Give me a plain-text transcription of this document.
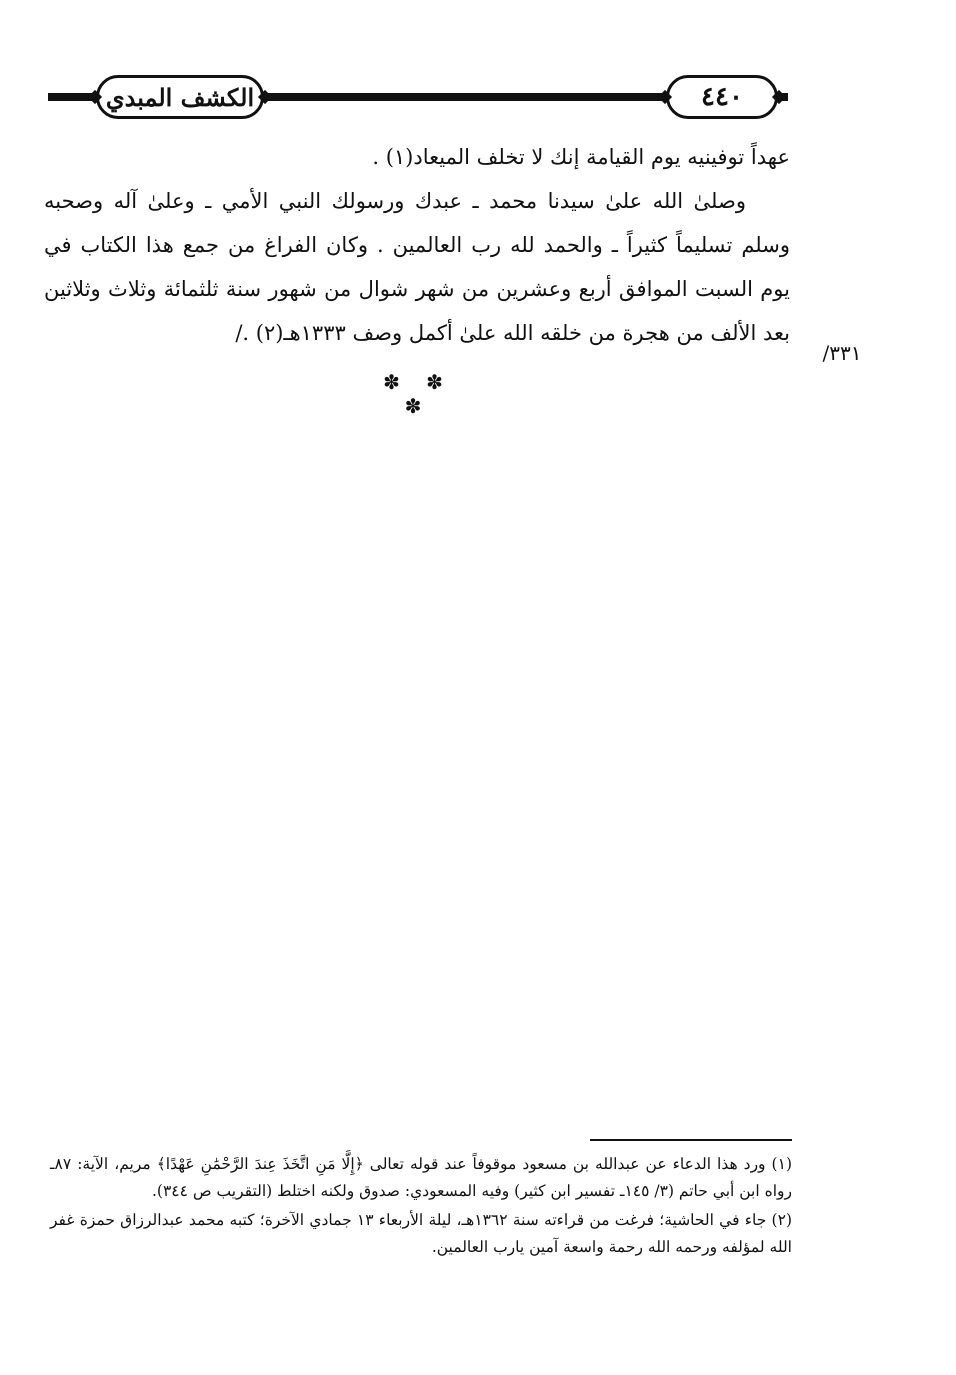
٤٤٠
الكشف المبدي

عهداً توفينيه يوم القيامة إنك لا تخلف الميعاد(١) .

وصلىٰ الله علىٰ سيدنا محمد ـ عبدك ورسولك النبي الأمي ـ وعلىٰ آله وصحبه وسلم تسليماً كثيراً ـ والحمد لله رب العالمين . وكان الفراغ من جمع هذا الكتاب في يوم السبت الموافق أربع وعشرين من شهر شوال من شهور سنة ثلثمائة وثلاث وثلاثين بعد الألف من هجرة من خلقه الله علىٰ أكمل وصف ١٣٣٣هـ(٢) ./

٣٣١/
✽ ✽ ✽

(١) ورد هذا الدعاء عن عبدالله بن مسعود موقوفاً عند قوله تعالى ﴿إِلَّا مَنِ اتَّخَذَ عِندَ الرَّحْمَٰنِ عَهْدًا﴾ مريم، الآية: ٨٧ـ رواه ابن أبي حاتم (٣/ ١٤٥ـ تفسير ابن كثير) وفيه المسعودي: صدوق ولكنه اختلط (التقريب ص ٣٤٤).

(٢) جاء في الحاشية؛ فرغت من قراءته سنة ١٣٦٢هـ، ليلة الأربعاء ١٣ جمادي الآخرة؛ كتبه محمد عبدالرزاق حمزة غفر الله لمؤلفه ورحمه الله رحمة واسعة آمين يارب العالمين.
